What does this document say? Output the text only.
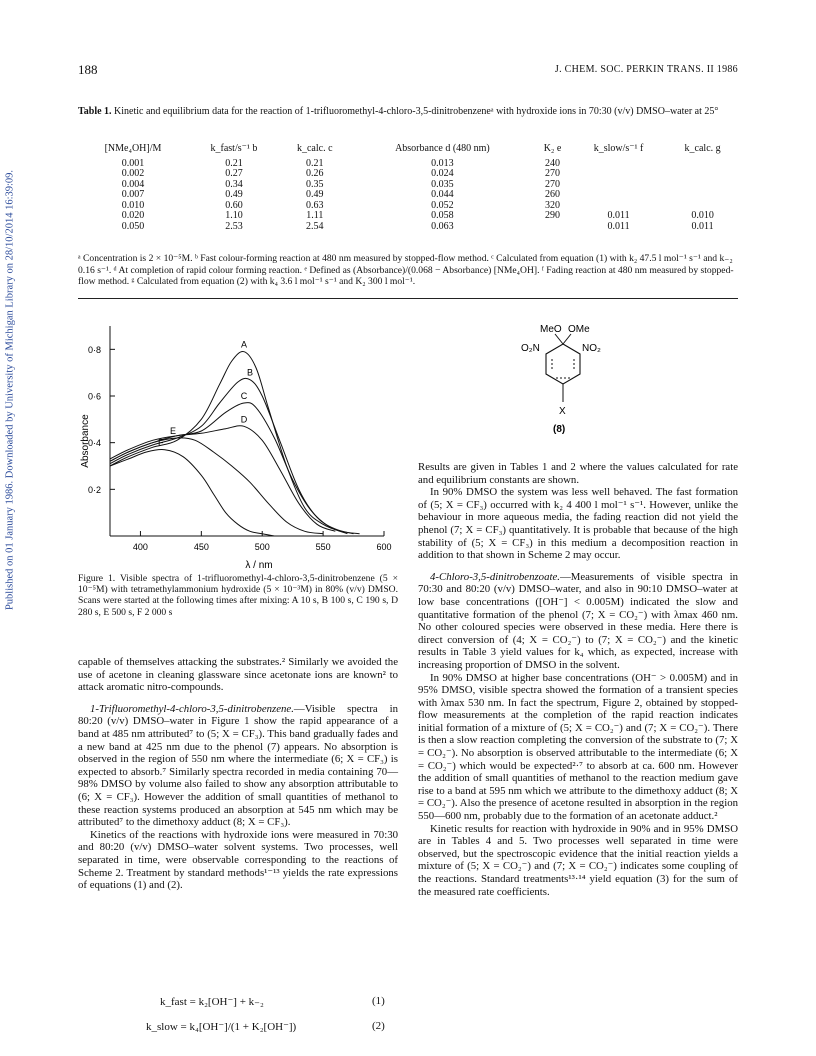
188	J. CHEM. SOC. PERKIN TRANS. II 1986
Published on 01 January 1986. Downloaded by University of Michigan Library on 28/10/2014 16:39:09.
Table 1. Kinetic and equilibrium data for the reaction of 1-trifluoromethyl-4-chloro-3,5-dinitrobenzeneᵃ with hydroxide ions in 70:30 (v/v) DMSO–water at 25°
[NMe₄OH]/M	k_fast/s⁻¹ b	k_calc. c	Absorbance d (480 nm)	K₂ e	k_slow/s⁻¹ f	k_calc. g
0.001	0.21	0.21	0.013	240		
0.002	0.27	0.26	0.024	270		
0.004	0.34	0.35	0.035	270		
0.007	0.49	0.49	0.044	260		
0.010	0.60	0.63	0.052	320		
0.020	1.10	1.11	0.058	290	0.011	0.010
0.050	2.53	2.54	0.063		0.011	0.011
ᵃ Concentration is 2 × 10⁻⁵M. ᵇ Fast colour-forming reaction at 480 nm measured by stopped-flow method. ᶜ Calculated from equation (1) with k₂ 47.5 l mol⁻¹ s⁻¹ and k₋₂ 0.16 s⁻¹. ᵈ At completion of rapid colour forming reaction. ᵉ Defined as (Absorbance)/(0.068 − Absorbance) [NMe₄OH]. ᶠ Fading reaction at 480 nm measured by stopped-flow method. ᵍ Calculated from equation (2) with k₄ 3.6 l mol⁻¹ s⁻¹ and K₂ 300 l mol⁻¹.
0·8
0·6
0·4
0·2
400	450	500	550	600
Absorbance
λ / nm
A
B
C
D
E
F
Figure 1. Visible spectra of 1-trifluoromethyl-4-chloro-3,5-dinitrobenzene (5 × 10⁻⁵M) with tetramethylammonium hydroxide (5 × 10⁻³M) in 80% (v/v) DMSO. Scans were started at the following times after mixing: A 10 s, B 100 s, C 190 s, D 280 s, E 500 s, F 2 000 s
MeO OMe
O₂N	NO₂
X
(8)

capable of themselves attacking the substrates.² Similarly we avoided the use of acetone in cleaning glassware since acetonate ions are known² to attack aromatic nitro-compounds.

1-Trifluoromethyl-4-chloro-3,5-dinitrobenzene.—Visible spectra in 80:20 (v/v) DMSO–water in Figure 1 show the rapid appearance of a band at 485 nm attributed⁷ to (5; X = CF₃). This band gradually fades and a new band at 425 nm due to the phenol (7) appears. No absorption is observed in the region of 550 nm where the intermediate (6; X = CF₃) is expected to absorb.⁷ Similarly spectra recorded in media containing 70—98% DMSO by volume also failed to show any absorption attributable to (6; X = CF₃). However the addition of small quantities of methanol to these reaction systems produced an absorption at 545 nm which may be attributed⁷ to the dimethoxy adduct (8; X = CF₃).

Kinetics of the reactions with hydroxide ions were measured in 70:30 and 80:20 (v/v) DMSO–water solvent systems. Two processes, well separated in time, were observable corresponding to the reactions of Scheme 2. Treatment by standard methods¹⁻¹³ yields the rate expressions of equations (1) and (2).

k_fast = k₂[OH⁻] + k₋₂	(1)
k_slow = k₄[OH⁻]/(1 + K₂[OH⁻])	(2)

Results are given in Tables 1 and 2 where the values calculated for rate and equilibrium constants are shown.

In 90% DMSO the system was less well behaved. The fast formation of (5; X = CF₃) occurred with k₂ 4 400 l mol⁻¹ s⁻¹. However, unlike the behaviour in more aqueous media, the fading reaction did not yield the phenol (7; X = CF₃) quantitatively. It is probable that because of the high stability of (5; X = CF₃) in this medium a decomposition reaction in addition to that shown in Scheme 2 may occur.

4-Chloro-3,5-dinitrobenzoate.—Measurements of visible spectra in 70:30 and 80:20 (v/v) DMSO–water, and also in 90:10 DMSO–water at low base concentrations ([OH⁻] < 0.005M) indicated the slow and quantitative formation of the phenol (7; X = CO₂⁻) with λmax 460 nm. No other coloured species were observed in these media. Here there is direct conversion of (4; X = CO₂⁻) to (7; X = CO₂⁻) and the kinetic results in Table 3 yield values for k₄ which, as expected, increase with increasing proportion of DMSO in the solvent.

In 90% DMSO at higher base concentrations (OH⁻ > 0.005M) and in 95% DMSO, visible spectra showed the formation of a transient species with λmax 530 nm. In fact the spectrum, Figure 2, obtained by stopped-flow measurements at the completion of the rapid reaction indicates initial formation of a mixture of (5; X = CO₂⁻) and (7; X = CO₂⁻). There is then a slow reaction completing the conversion of the substrate to (7; X = CO₂⁻). No absorption is observed attributable to the intermediate (6; X = CO₂⁻) which would be expected²·⁷ to absorb at ca. 600 nm. However the addition of small quantities of methanol to the reaction medium gave rise to a band at 595 nm which we attribute to the dimethoxy adduct (8; X = CO₂⁻). Also the presence of acetone resulted in absorption in the region 550—600 nm, probably due to the formation of an acetonate adduct.²

Kinetic results for reaction with hydroxide in 90% and in 95% DMSO are in Tables 4 and 5. Two processes well separated in time were observed, but the spectroscopic evidence that the initial reaction yields a mixture of (5; X = CO₂⁻) and (7; X = CO₂⁻) indicates some coupling of the reactions. Standard treatments¹³·¹⁴ yield equation (3) for the sum of the measured rate coefficients.
